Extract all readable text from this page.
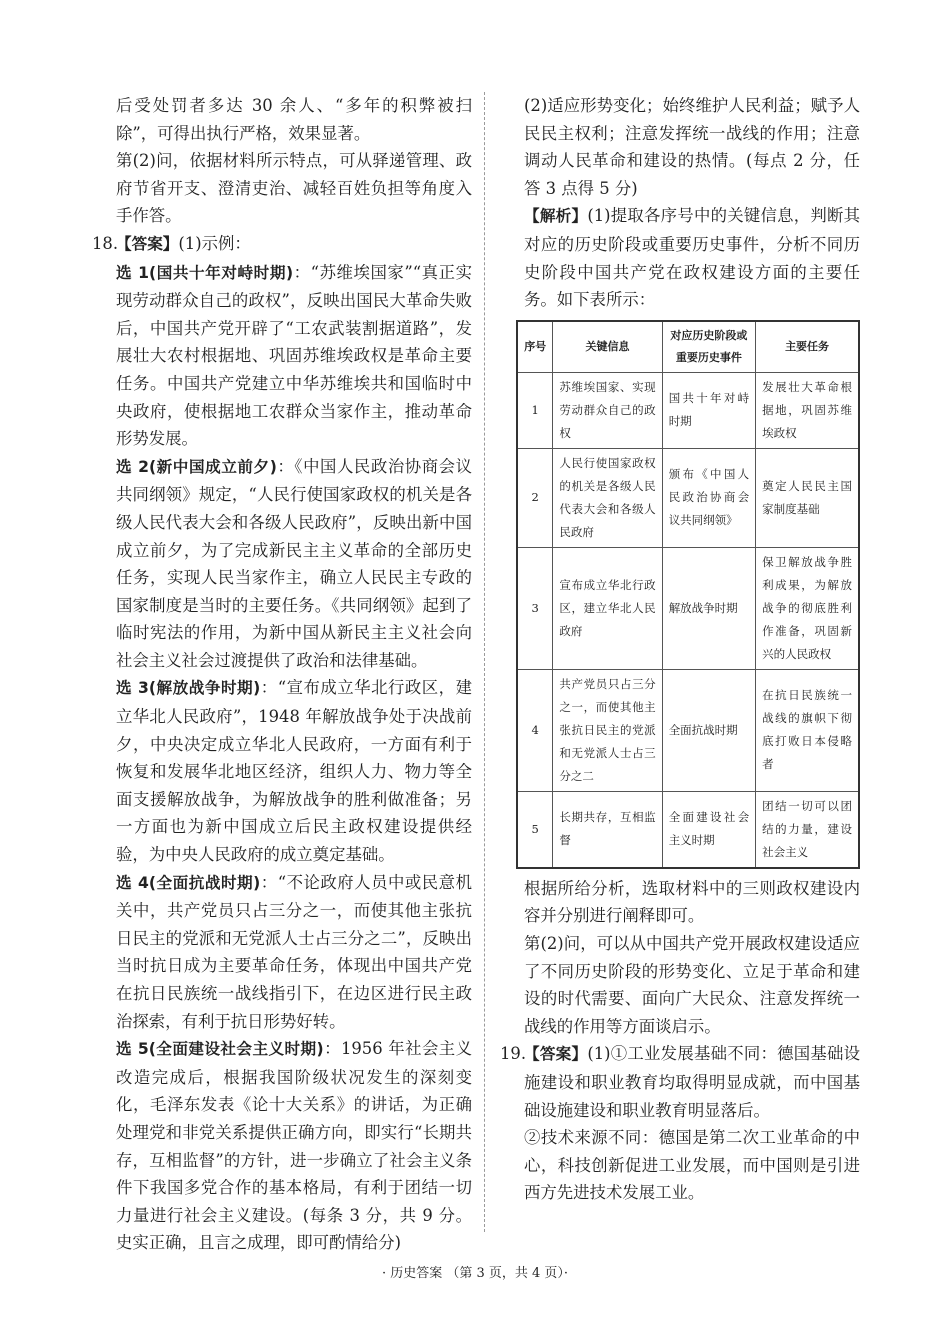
后受处罚者多达 30 余人、“多年的积弊被扫除”，可得出执行严格，效果显著。

第(2)问，依据材料所示特点，可从驿递管理、政府节省开支、澄清吏治、减轻百姓负担等角度入手作答。

18.

【答案】(1)示例：

选 1(国共十年对峙时期)：“苏维埃国家”“真正实现劳动群众自己的政权”，反映出国民大革命失败后，中国共产党开辟了“工农武装割据道路”，发展壮大农村根据地、巩固苏维埃政权是革命主要任务。中国共产党建立中华苏维埃共和国临时中央政府，使根据地工农群众当家作主，推动革命形势发展。

选 2(新中国成立前夕)：《中国人民政治协商会议共同纲领》规定，“人民行使国家政权的机关是各级人民代表大会和各级人民政府”，反映出新中国成立前夕，为了完成新民主主义革命的全部历史任务，实现人民当家作主，确立人民民主专政的国家制度是当时的主要任务。《共同纲领》起到了临时宪法的作用，为新中国从新民主主义社会向社会主义社会过渡提供了政治和法律基础。

选 3(解放战争时期)：“宣布成立华北行政区，建立华北人民政府”，1948 年解放战争处于决战前夕，中央决定成立华北人民政府，一方面有利于恢复和发展华北地区经济，组织人力、物力等全面支援解放战争，为解放战争的胜利做准备；另一方面也为新中国成立后民主政权建设提供经验，为中央人民政府的成立奠定基础。

选 4(全面抗战时期)：“不论政府人员中或民意机关中，共产党员只占三分之一，而使其他主张抗日民主的党派和无党派人士占三分之二”，反映出当时抗日成为主要革命任务，体现出中国共产党在抗日民族统一战线指引下，在边区进行民主政治探索，有利于抗日形势好转。

选 5(全面建设社会主义时期)：1956 年社会主义改造完成后，根据我国阶级状况发生的深刻变化，毛泽东发表《论十大关系》的讲话，为正确处理党和非党关系提供正确方向，即实行“长期共存，互相监督”的方针，进一步确立了社会主义条件下我国多党合作的基本格局，有利于团结一切力量进行社会主义建设。(每条 3 分，共 9 分。史实正确，且言之成理，即可酌情给分)

(2)适应形势变化；始终维护人民利益；赋予人民民主权利；注意发挥统一战线的作用；注意调动人民革命和建设的热情。(每点 2 分，任答 3 点得 5 分)

【解析】(1)提取各序号中的关键信息，判断其对应的历史阶段或重要历史事件，分析不同历史阶段中国共产党在政权建设方面的主要任务。如下表所示：

序号	关键信息	对应历史阶段或重要历史事件	主要任务
1	苏维埃国家、实现劳动群众自己的政权	国共十年对峙时期	发展壮大革命根据地，巩固苏维埃政权
2	人民行使国家政权的机关是各级人民代表大会和各级人民政府	颁布《中国人民政治协商会议共同纲领》	奠定人民民主国家制度基础
3	宣布成立华北行政区，建立华北人民政府	解放战争时期	保卫解放战争胜利成果，为解放战争的彻底胜利作准备，巩固新兴的人民政权
4	共产党员只占三分之一，而使其他主张抗日民主的党派和无党派人士占三分之二	全面抗战时期	在抗日民族统一战线的旗帜下彻底打败日本侵略者
5	长期共存，互相监督	全面建设社会主义时期	团结一切可以团结的力量，建设社会主义

根据所给分析，选取材料中的三则政权建设内容并分别进行阐释即可。

第(2)问，可以从中国共产党开展政权建设适应了不同历史阶段的形势变化、立足于革命和建设的时代需要、面向广大民众、注意发挥统一战线的作用等方面谈启示。

19.

【答案】(1)①工业发展基础不同：德国基础设施建设和职业教育均取得明显成就，而中国基础设施建设和职业教育明显落后。

②技术来源不同：德国是第二次工业革命的中心，科技创新促进工业发展，而中国则是引进西方先进技术发展工业。

· 历史答案 （第 3 页，共 4 页）·
